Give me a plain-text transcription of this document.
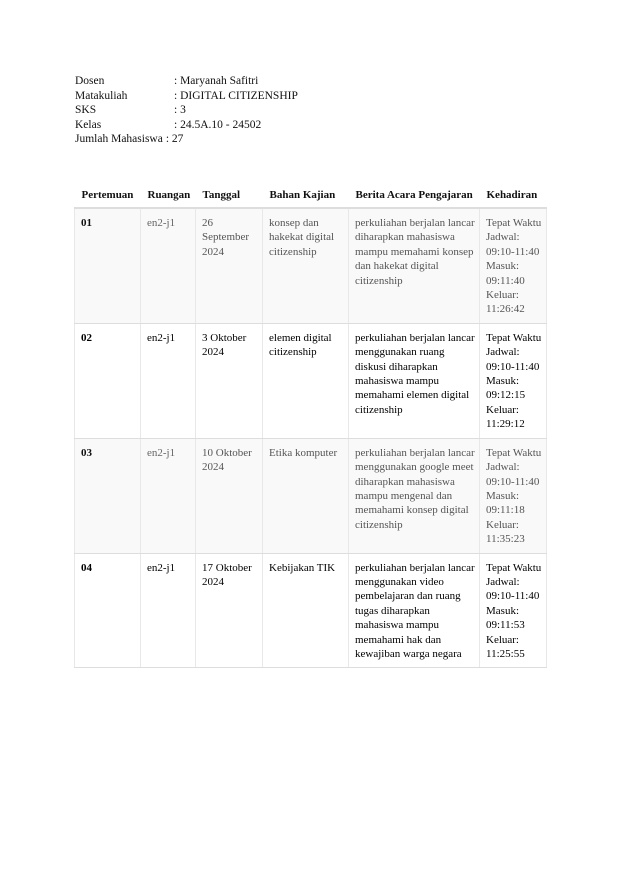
Dosen	: Maryanah Safitri
Matakuliah	: DIGITAL CITIZENSHIP
SKS	: 3
Kelas	: 24.5A.10 - 24502
Jumlah Mahasiswa : 27
Pertemuan	Ruangan	Tanggal	Bahan Kajian	Berita Acara Pengajaran	Kehadiran
01	en2-j1	26 September 2024	konsep dan hakekat digital citizenship	perkuliahan berjalan lancar diharapkan mahasiswa mampu memahami konsep dan hakekat digital citizenship	Tepat Waktu
Jadwal: 09:10-11:40
Masuk: 09:11:40
Keluar: 11:26:42

02	en2-j1	3 Oktober 2024	elemen digital citizenship	perkuliahan berjalan lancar menggunakan ruang diskusi diharapkan mahasiswa mampu memahami elemen digital citizenship	Tepat Waktu
Jadwal: 09:10-11:40
Masuk: 09:12:15
Keluar: 11:29:12

03	en2-j1	10 Oktober 2024	Etika komputer	perkuliahan berjalan lancar menggunakan google meet diharapkan mahasiswa mampu mengenal dan memahami konsep digital citizenship	Tepat Waktu
Jadwal: 09:10-11:40
Masuk: 09:11:18
Keluar: 11:35:23

04	en2-j1	17 Oktober 2024	Kebijakan TIK	perkuliahan berjalan lancar menggunakan video pembelajaran dan ruang tugas diharapkan mahasiswa mampu memahami hak dan kewajiban warga negara	Tepat Waktu
Jadwal: 09:10-11:40
Masuk: 09:11:53
Keluar: 11:25:55
